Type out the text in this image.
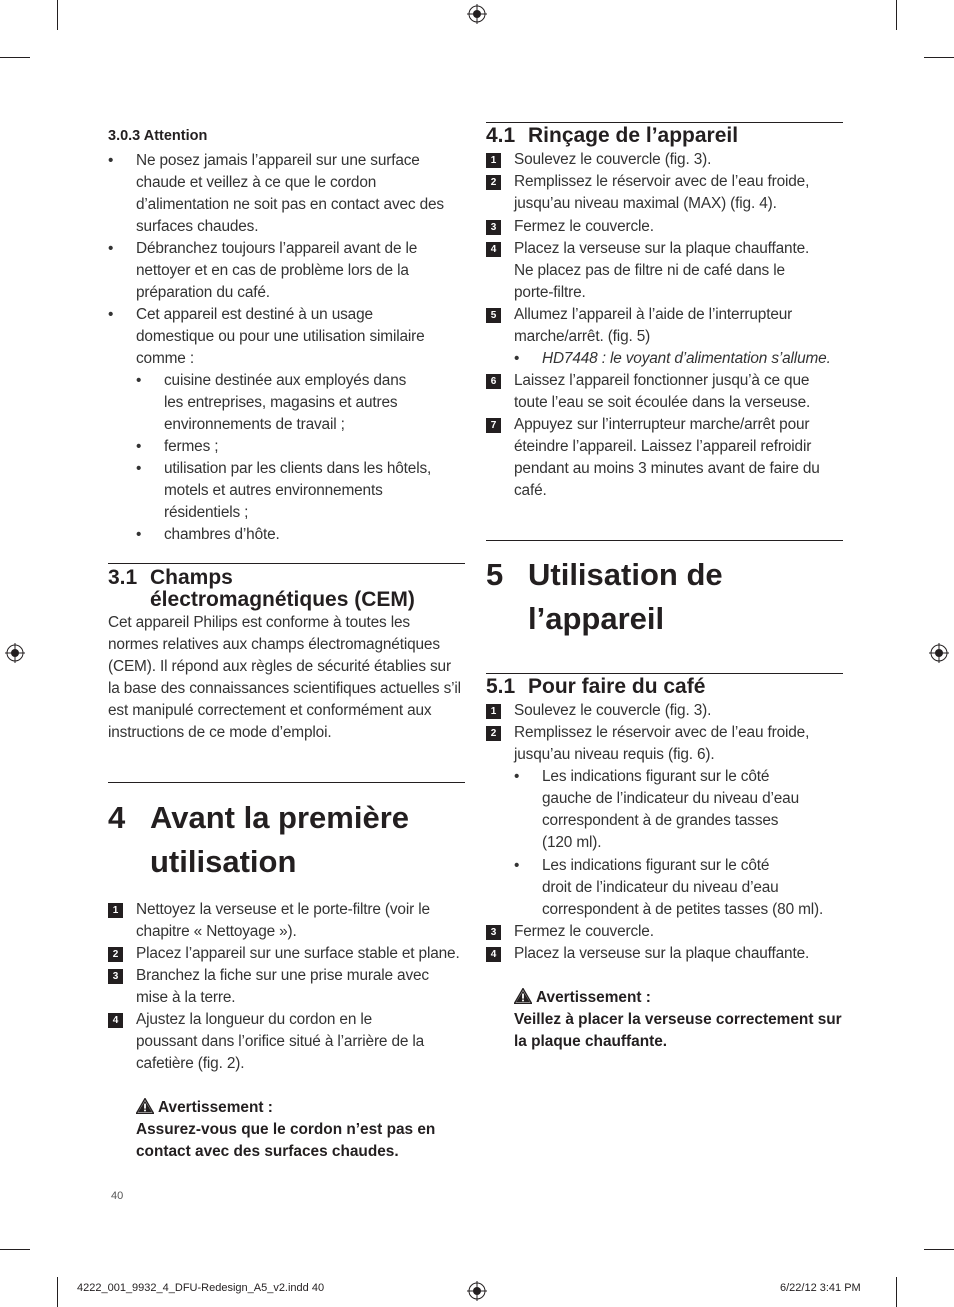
3.0.3 Attention
• Ne posez jamais l’appareil sur une surface
chaude et veillez à ce que le cordon
d’alimentation ne soit pas en contact avec des
surfaces chaudes.
• Débranchez toujours l’appareil avant de le
nettoyer et en cas de problème lors de la
préparation du café.
• Cet appareil est destiné à un usage
domestique ou pour une utilisation similaire
comme :
• cuisine destinée aux employés dans
les entreprises, magasins et autres
environnements de travail ;
• fermes ;
• utilisation par les clients dans les hôtels,
motels et autres environnements
résidentiels ;
• chambres d’hôte.
3.1 Champs
électromagnétiques (CEM)
Cet appareil Philips est conforme à toutes les
normes relatives aux champs électromagnétiques
(CEM). Il répond aux règles de sécurité établies sur
la base des connaissances scientifiques actuelles s’il
est manipulé correctement et conformément aux
instructions de ce mode d’emploi.
4 Avant la première
utilisation
1	Nettoyez la verseuse et le porte-filtre (voir le
chapitre « Nettoyage »).
2	Placez l’appareil sur une surface stable et plane.
3	Branchez la fiche sur une prise murale avec
mise à la terre.
4	Ajustez la longueur du cordon en le
poussant dans l’orifice situé à l’arrière de la
cafetière (fig. 2).
Avertissement :
Assurez-vous que le cordon n’est pas en
contact avec des surfaces chaudes.
40
4.1 Rinçage de l’appareil
1	Soulevez le couvercle (fig. 3).
2	Remplissez le réservoir avec de l’eau froide,
jusqu’au niveau maximal (MAX) (fig. 4).
3	Fermez le couvercle.
4	Placez la verseuse sur la plaque chauffante.
Ne placez pas de filtre ni de café dans le
porte-filtre.
5	Allumez l’appareil à l’aide de l’interrupteur
marche/arrêt. (fig. 5)
• HD7448 : le voyant d’alimentation s’allume.
6	Laissez l’appareil fonctionner jusqu’à ce que
toute l’eau se soit écoulée dans la verseuse.
7	Appuyez sur l’interrupteur marche/arrêt pour
éteindre l’appareil. Laissez l’appareil refroidir
pendant au moins 3 minutes avant de faire du
café.
5 Utilisation de
l’appareil
5.1 Pour faire du café
1	Soulevez le couvercle (fig. 3).
2	Remplissez le réservoir avec de l’eau froide,
jusqu’au niveau requis (fig. 6).
• Les indications figurant sur le côté
gauche de l’indicateur du niveau d’eau
correspondent à de grandes tasses
(120 ml).
• Les indications figurant sur le côté
droit de l’indicateur du niveau d’eau
correspondent à de petites tasses (80 ml).
3	Fermez le couvercle.
4	Placez la verseuse sur la plaque chauffante.
Avertissement :
Veillez à placer la verseuse correctement sur
la plaque chauffante.
4222_001_9932_4_DFU-Redesign_A5_v2.indd 40	6/22/12 3:41 PM
